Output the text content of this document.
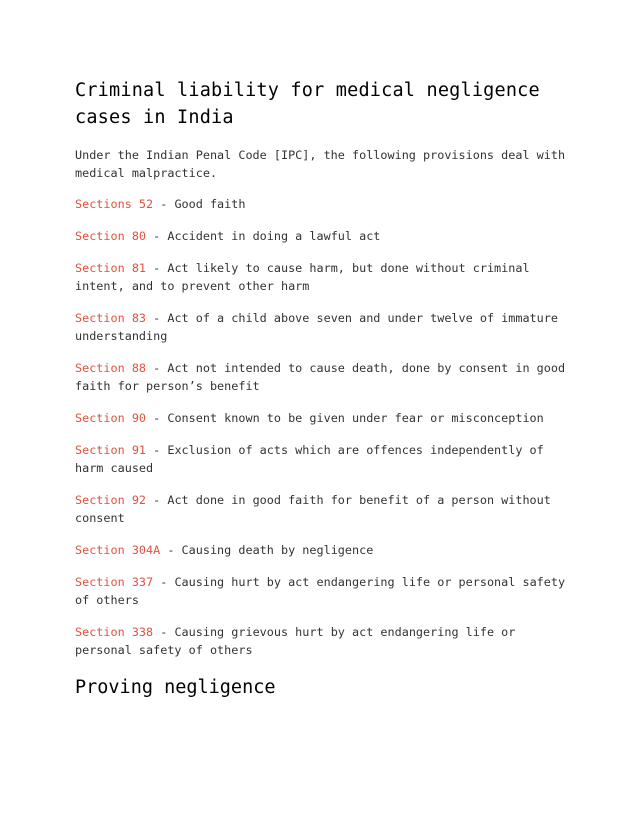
Criminal liability for medical negligence cases in India

Under the Indian Penal Code [IPC], the following provisions deal with medical malpractice.

Sections 52 - Good faith

Section 80 - Accident in doing a lawful act

Section 81 - Act likely to cause harm, but done without criminal intent, and to prevent other harm

Section 83 - Act of a child above seven and under twelve of immature understanding

Section 88 - Act not intended to cause death, done by consent in good faith for person’s benefit

Section 90 - Consent known to be given under fear or misconception

Section 91 - Exclusion of acts which are offences independently of harm caused

Section 92 - Act done in good faith for benefit of a person without consent

Section 304A - Causing death by negligence

Section 337 - Causing hurt by act endangering life or personal safety of others

Section 338 - Causing grievous hurt by act endangering life or personal safety of others

Proving negligence
